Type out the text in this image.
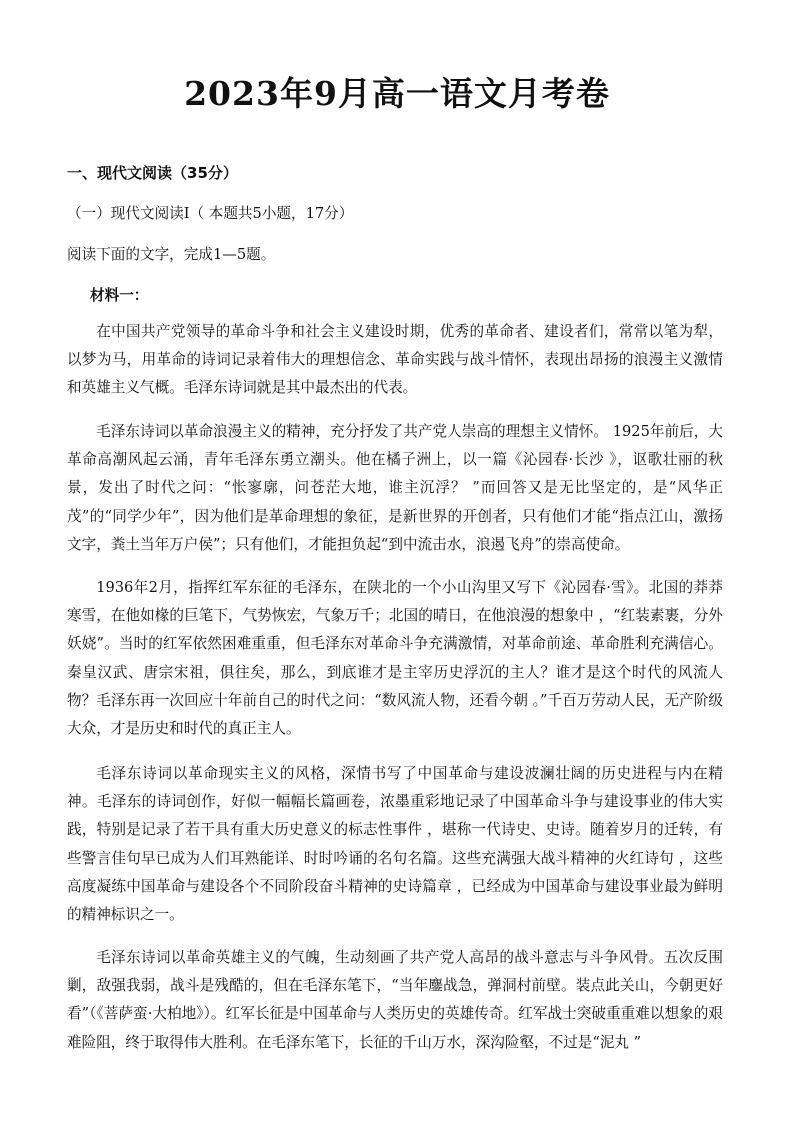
2023年9月高一语文月考卷
一、现代文阅读（35分）
（一）现代文阅读Ⅰ（ 本题共5小题，17分）
阅读下面的文字，完成1—5题。
材料一：

在中国共产党领导的革命斗争和社会主义建设时期，优秀的革命者、建设者们，常常以笔为犁，以梦为马，用革命的诗词记录着伟大的理想信念、革命实践与战斗情怀，表现出昂扬的浪漫主义激情和英雄主义气概。毛泽东诗词就是其中最杰出的代表。

毛泽东诗词以革命浪漫主义的精神，充分抒发了共产党人崇高的理想主义情怀。 1925年前后，大革命高潮风起云涌，青年毛泽东勇立潮头。他在橘子洲上，以一篇《沁园春·长沙 》，讴歌壮丽的秋景，发出了时代之问：“怅寥廓，问苍茫大地，谁主沉浮？ ”而回答又是无比坚定的，是“风华正茂”的“同学少年”，因为他们是革命理想的象征，是新世界的开创者，只有他们才能“指点江山，激扬文字，粪土当年万户侯”；只有他们，才能担负起“到中流击水，浪遏飞舟”的崇高使命。

1936年2月，指挥红军东征的毛泽东，在陕北的一个小山沟里又写下《沁园春·雪》。北国的莽莽寒雪，在他如椽的巨笔下，气势恢宏，气象万千；北国的晴日，在他浪漫的想象中 ，“红装素裹，分外妖娆”。当时的红军依然困难重重，但毛泽东对革命斗争充满激情，对革命前途、革命胜利充满信心。秦皇汉武、唐宗宋祖，俱往矣，那么，到底谁才是主宰历史浮沉的主人？谁才是这个时代的风流人物？毛泽东再一次回应十年前自己的时代之问：“数风流人物，还看今朝 。”千百万劳动人民，无产阶级大众，才是历史和时代的真正主人。

毛泽东诗词以革命现实主义的风格，深情书写了中国革命与建设波澜壮阔的历史进程与内在精神。毛泽东的诗词创作，好似一幅幅长篇画卷，浓墨重彩地记录了中国革命斗争与建设事业的伟大实践，特别是记录了若干具有重大历史意义的标志性事件 ，堪称一代诗史、史诗。随着岁月的迁转，有些警言佳句早已成为人们耳熟能详、时时吟诵的名句名篇。这些充满强大战斗精神的火红诗句 ，这些高度凝练中国革命与建设各个不同阶段奋斗精神的史诗篇章 ，已经成为中国革命与建设事业最为鲜明的精神标识之一。

毛泽东诗词以革命英雄主义的气魄，生动刻画了共产党人高昂的战斗意志与斗争风骨。五次反围剿，敌强我弱，战斗是残酷的，但在毛泽东笔下，“当年鏖战急，弹洞村前壁。装点此关山，今朝更好看”（《菩萨蛮·大柏地》）。红军长征是中国革命与人类历史的英雄传奇。红军战士突破重重难以想象的艰难险阻，终于取得伟大胜利。在毛泽东笔下，长征的千山万水，深沟险壑，不过是“泥丸 ”
